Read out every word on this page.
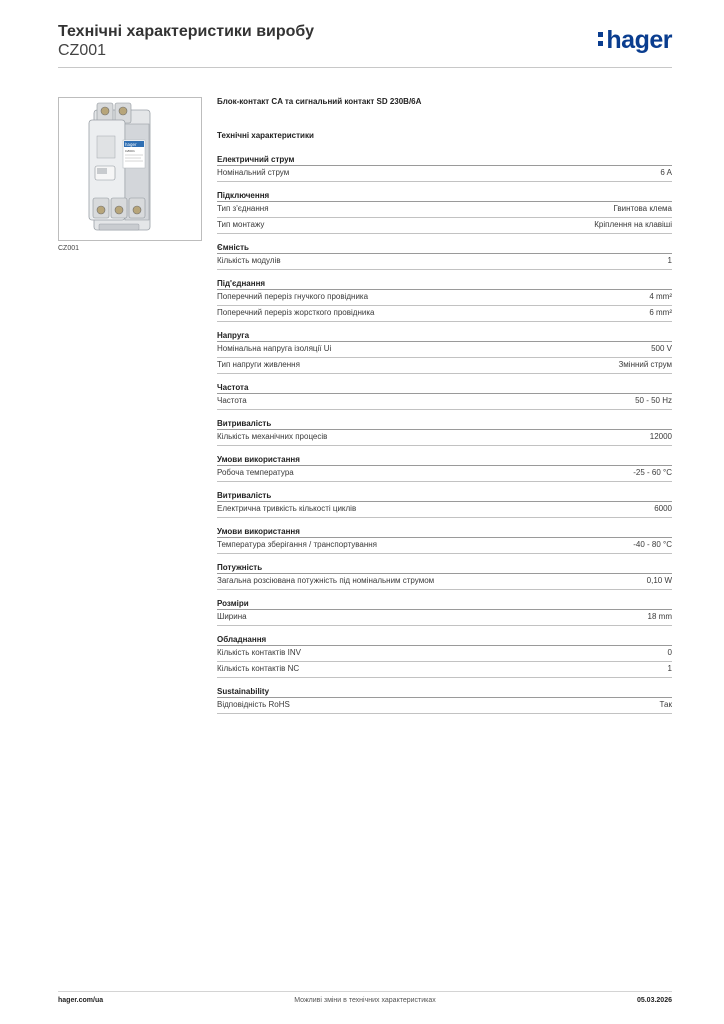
Технічні характеристики виробу
CZ001	hager
hager
CZ001
CZ001
Блок-контакт CA та сигнальний контакт SD 230В/6А
Технічні характеристики
Електричний струм
Номінальний струм	6 A
Підключення
Тип з'єднання	Гвинтова клема
Тип монтажу	Кріплення на клавіші
Ємність
Кількість модулів	1
Під'єднання
Поперечний переріз гнучкого провідника	4 mm²
Поперечний переріз жорсткого провідника	6 mm²
Напруга
Номінальна напруга ізоляції Ui	500 V
Тип напруги живлення	Змінний струм
Частота
Частота	50 - 50 Hz
Витривалість
Кількість механічних процесів	12000
Умови використання
Робоча температура	-25 - 60 °C
Витривалість
Електрична тривкість кількості циклів	6000
Умови використання
Температура зберігання / транспортування	-40 - 80 °C
Потужність
Загальна розсіювана потужність під номінальним струмом	0,10 W
Розміри
Ширина	18 mm
Обладнання
Кількість контактів INV	0
Кількість контактів NC	1
Sustainability
Відповідність RoHS	Так
Можливі зміни в технічних характеристиках
hager.com/ua	05.03.2026
